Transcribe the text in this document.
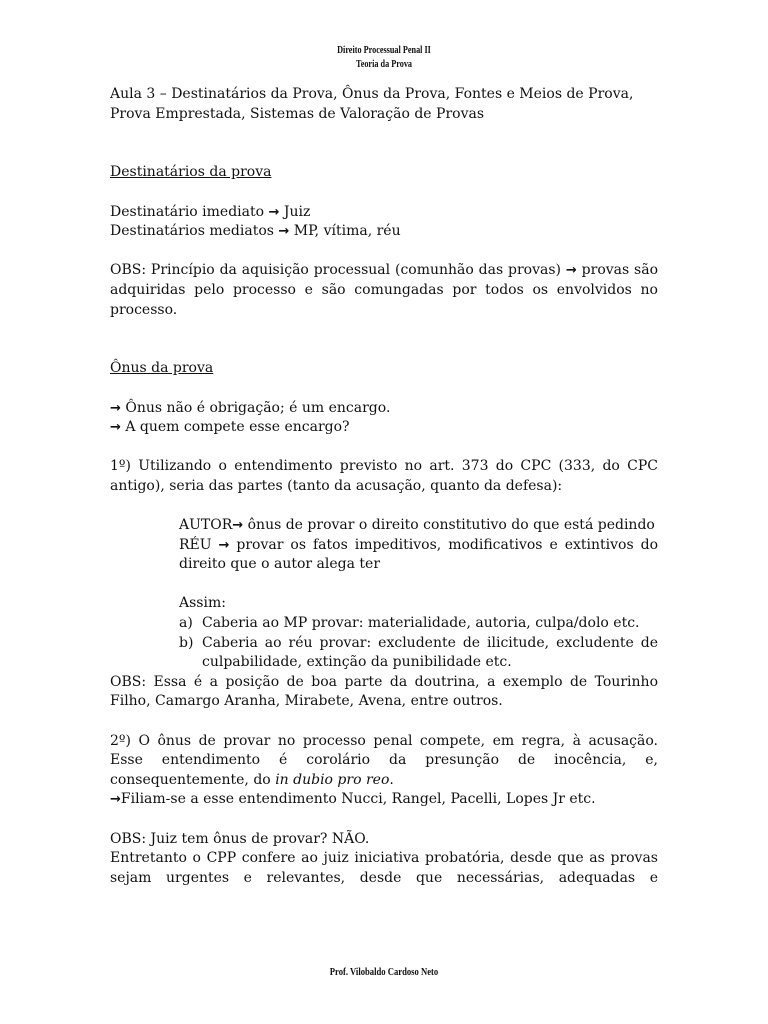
Direito Processual Penal II
Teoria da Prova

Aula 3 – Destinatários da Prova, Ônus da Prova, Fontes e Meios de Prova,
Prova Emprestada, Sistemas de Valoração de Provas

Destinatários da prova

Destinatário imediato → Juiz

Destinatários mediatos → MP, vítima, réu

OBS: Princípio da aquisição processual (comunhão das provas) → provas são adquiridas pelo processo e são comungadas por todos os envolvidos no processo.

Ônus da prova

→ Ônus não é obrigação; é um encargo.

→ A quem compete esse encargo?

1º) Utilizando o entendimento previsto no art. 373 do CPC (333, do CPC antigo), seria das partes (tanto da acusação, quanto da defesa):

AUTOR→ ônus de provar o direito constitutivo do que está pedindo

RÉU → provar os fatos impeditivos, modificativos e extintivos do direito que o autor alega ter

Assim:

a) Caberia ao MP provar: materialidade, autoria, culpa/dolo etc.
b) Caberia ao réu provar: excludente de ilicitude, excludente de culpabilidade, extinção da punibilidade etc.

OBS: Essa é a posição de boa parte da doutrina, a exemplo de Tourinho Filho, Camargo Aranha, Mirabete, Avena, entre outros.

2º) O ônus de provar no processo penal compete, em regra, à acusação. Esse entendimento é corolário da presunção de inocência, e, consequentemente, do in dubio pro reo.

→Filiam-se a esse entendimento Nucci, Rangel, Pacelli, Lopes Jr etc.

OBS: Juiz tem ônus de provar? NÃO.

Entretanto o CPP confere ao juiz iniciativa probatória, desde que as provas sejam urgentes e relevantes, desde que necessárias, adequadas e

Prof. Vilobaldo Cardoso Neto
